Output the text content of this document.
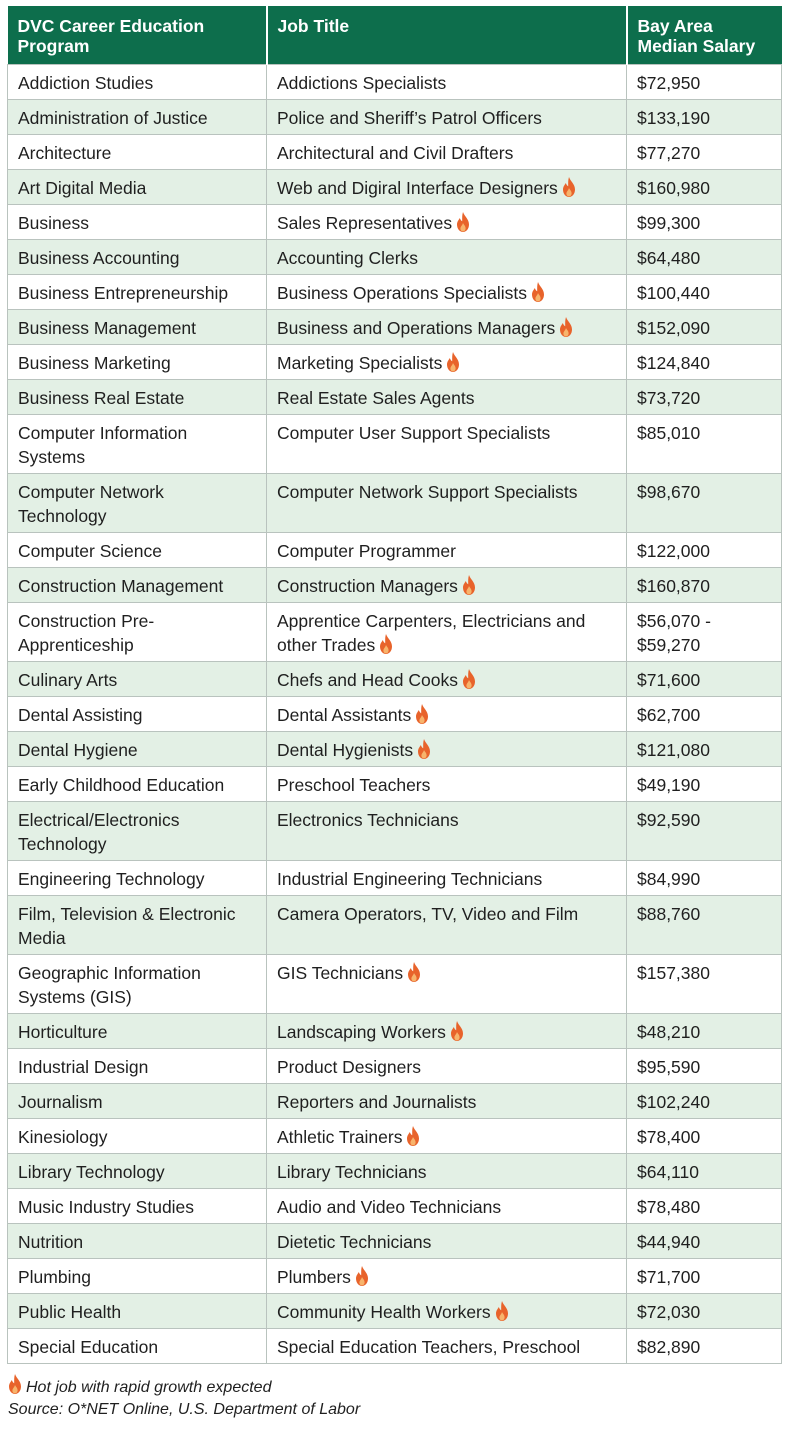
DVC Career Education Program	Job Title	Bay Area Median Salary
Addiction Studies	Addictions Specialists	$72,950
Administration of Justice	Police and Sheriff’s Patrol Officers	$133,190
Architecture	Architectural and Civil Drafters	$77,270
Art Digital Media	Web and Digiral Interface Designers	$160,980
Business	Sales Representatives	$99,300
Business Accounting	Accounting Clerks	$64,480
Business Entrepreneurship	Business Operations Specialists	$100,440
Business Management	Business and Operations Managers	$152,090
Business Marketing	Marketing Specialists	$124,840
Business Real Estate	Real Estate Sales Agents	$73,720
Computer Information Systems	Computer User Support Specialists	$85,010
Computer Network Technology	Computer Network Support Specialists	$98,670
Computer Science	Computer Programmer	$122,000
Construction Management	Construction Managers	$160,870
Construction Pre-Apprenticeship	Apprentice Carpenters, Electricians and other Trades	$56,070 - $59,270
Culinary Arts	Chefs and Head Cooks	$71,600
Dental Assisting	Dental Assistants	$62,700
Dental Hygiene	Dental Hygienists	$121,080
Early Childhood Education	Preschool Teachers	$49,190
Electrical/Electronics Technology	Electronics Technicians	$92,590
Engineering Technology	Industrial Engineering Technicians	$84,990
Film, Television & Electronic Media	Camera Operators, TV, Video and Film	$88,760
Geographic Information Systems (GIS)	GIS Technicians	$157,380
Horticulture	Landscaping Workers	$48,210
Industrial Design	Product Designers	$95,590
Journalism	Reporters and Journalists	$102,240
Kinesiology	Athletic Trainers	$78,400
Library Technology	Library Technicians	$64,110
Music Industry Studies	Audio and Video Technicians	$78,480
Nutrition	Dietetic Technicians	$44,940
Plumbing	Plumbers	$71,700
Public Health	Community Health Workers	$72,030
Special Education	Special Education Teachers, Preschool	$82,890
Hot job with rapid growth expected
Source: O*NET Online, U.S. Department of Labor
